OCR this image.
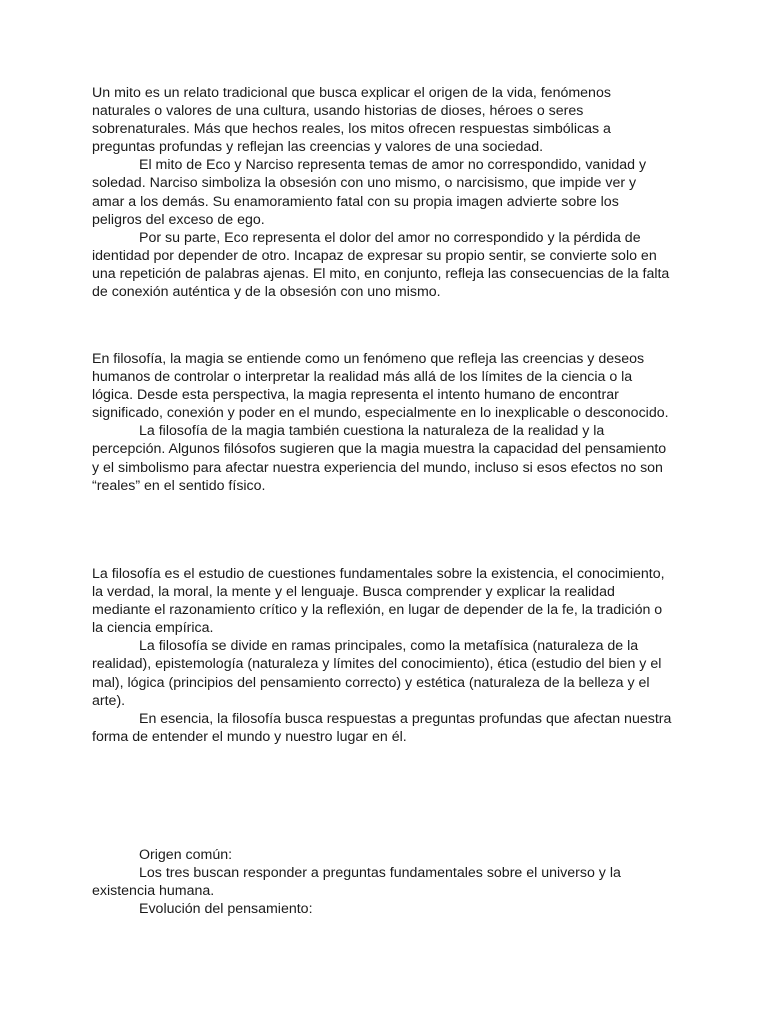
Un mito es un relato tradicional que busca explicar el origen de la vida, fenómenos naturales o valores de una cultura, usando historias de dioses, héroes o seres sobrenaturales. Más que hechos reales, los mitos ofrecen respuestas simbólicas a preguntas profundas y reflejan las creencias y valores de una sociedad.

El mito de Eco y Narciso representa temas de amor no correspondido, vanidad y soledad. Narciso simboliza la obsesión con uno mismo, o narcisismo, que impide ver y amar a los demás. Su enamoramiento fatal con su propia imagen advierte sobre los peligros del exceso de ego.

Por su parte, Eco representa el dolor del amor no correspondido y la pérdida de identidad por depender de otro. Incapaz de expresar su propio sentir, se convierte solo en una repetición de palabras ajenas. El mito, en conjunto, refleja las consecuencias de la falta de conexión auténtica y de la obsesión con uno mismo.

En filosofía, la magia se entiende como un fenómeno que refleja las creencias y deseos humanos de controlar o interpretar la realidad más allá de los límites de la ciencia o la lógica. Desde esta perspectiva, la magia representa el intento humano de encontrar significado, conexión y poder en el mundo, especialmente en lo inexplicable o desconocido.

La filosofía de la magia también cuestiona la naturaleza de la realidad y la percepción. Algunos filósofos sugieren que la magia muestra la capacidad del pensamiento y el simbolismo para afectar nuestra experiencia del mundo, incluso si esos efectos no son “reales” en el sentido físico.

La filosofía es el estudio de cuestiones fundamentales sobre la existencia, el conocimiento, la verdad, la moral, la mente y el lenguaje. Busca comprender y explicar la realidad mediante el razonamiento crítico y la reflexión, en lugar de depender de la fe, la tradición o la ciencia empírica.

La filosofía se divide en ramas principales, como la metafísica (naturaleza de la realidad), epistemología (naturaleza y límites del conocimiento), ética (estudio del bien y el mal), lógica (principios del pensamiento correcto) y estética (naturaleza de la belleza y el arte).

En esencia, la filosofía busca respuestas a preguntas profundas que afectan nuestra forma de entender el mundo y nuestro lugar en él.

Origen común:

Los tres buscan responder a preguntas fundamentales sobre el universo y la existencia humana.

Evolución del pensamiento:
